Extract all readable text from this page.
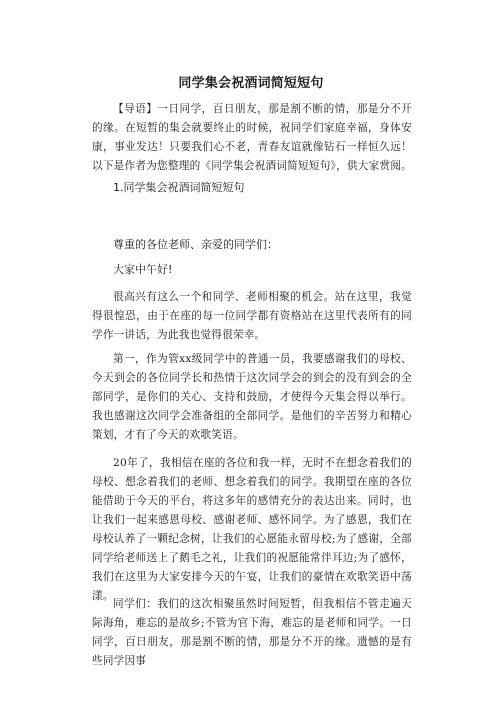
同学集会祝酒词简短短句

【导语】一日同学，百日朋友，那是割不断的情，那是分不开的缘。在短暂的集会就要终止的时候，祝同学们家庭幸福，身体安康，事业发达！只要我们心不老，青春友谊就像钻石一样恒久远！以下是作者为您整理的《同学集会祝酒词简短短句》，供大家赏阅。

1.同学集会祝酒词简短短句
尊重的各位老师、亲爱的同学们：
大家中午好!

很高兴有这么一个和同学、老师相聚的机会。站在这里，我觉得很惶恐，由于在座的每一位同学都有资格站在这里代表所有的同学作一讲话，为此我也觉得很荣幸。

第一，作为管xx级同学中的普通一员，我要感谢我们的母校、今天到会的各位同学长和热情于这次同学会的到会的没有到会的全部同学，是你们的关心、支持和鼓励，才使得今天集会得以举行。我也感谢这次同学会准备组的全部同学。是他们的辛苦努力和精心策划，才有了今天的欢歌笑语。

20年了，我相信在座的各位和我一样，无时不在想念着我们的母校、想念着我们的老师、想念着我们的同学。我期望在座的各位能借助于今天的平台，将这多年的感情充分的表达出来。同时，也让我们一起来感恩母校、感谢老师、感怀同学。为了感恩，我们在母校认养了一颗纪念树，让我们的心愿能永留母校;为了感谢，全部同学给老师送上了鹅毛之礼，让我们的祝愿能常伴耳边;为了感怀，我们在这里为大家安排今天的午宴，让我们的豪情在欢歌笑语中荡漾。

同学们：我们的这次相聚虽然时间短暂，但我相信不管走遍天际海角，难忘的是故乡;不管为官下海，难忘的是老师和同学。一日同学，百日朋友，那是割不断的情，那是分不开的缘。遗憾的是有些同学因事
